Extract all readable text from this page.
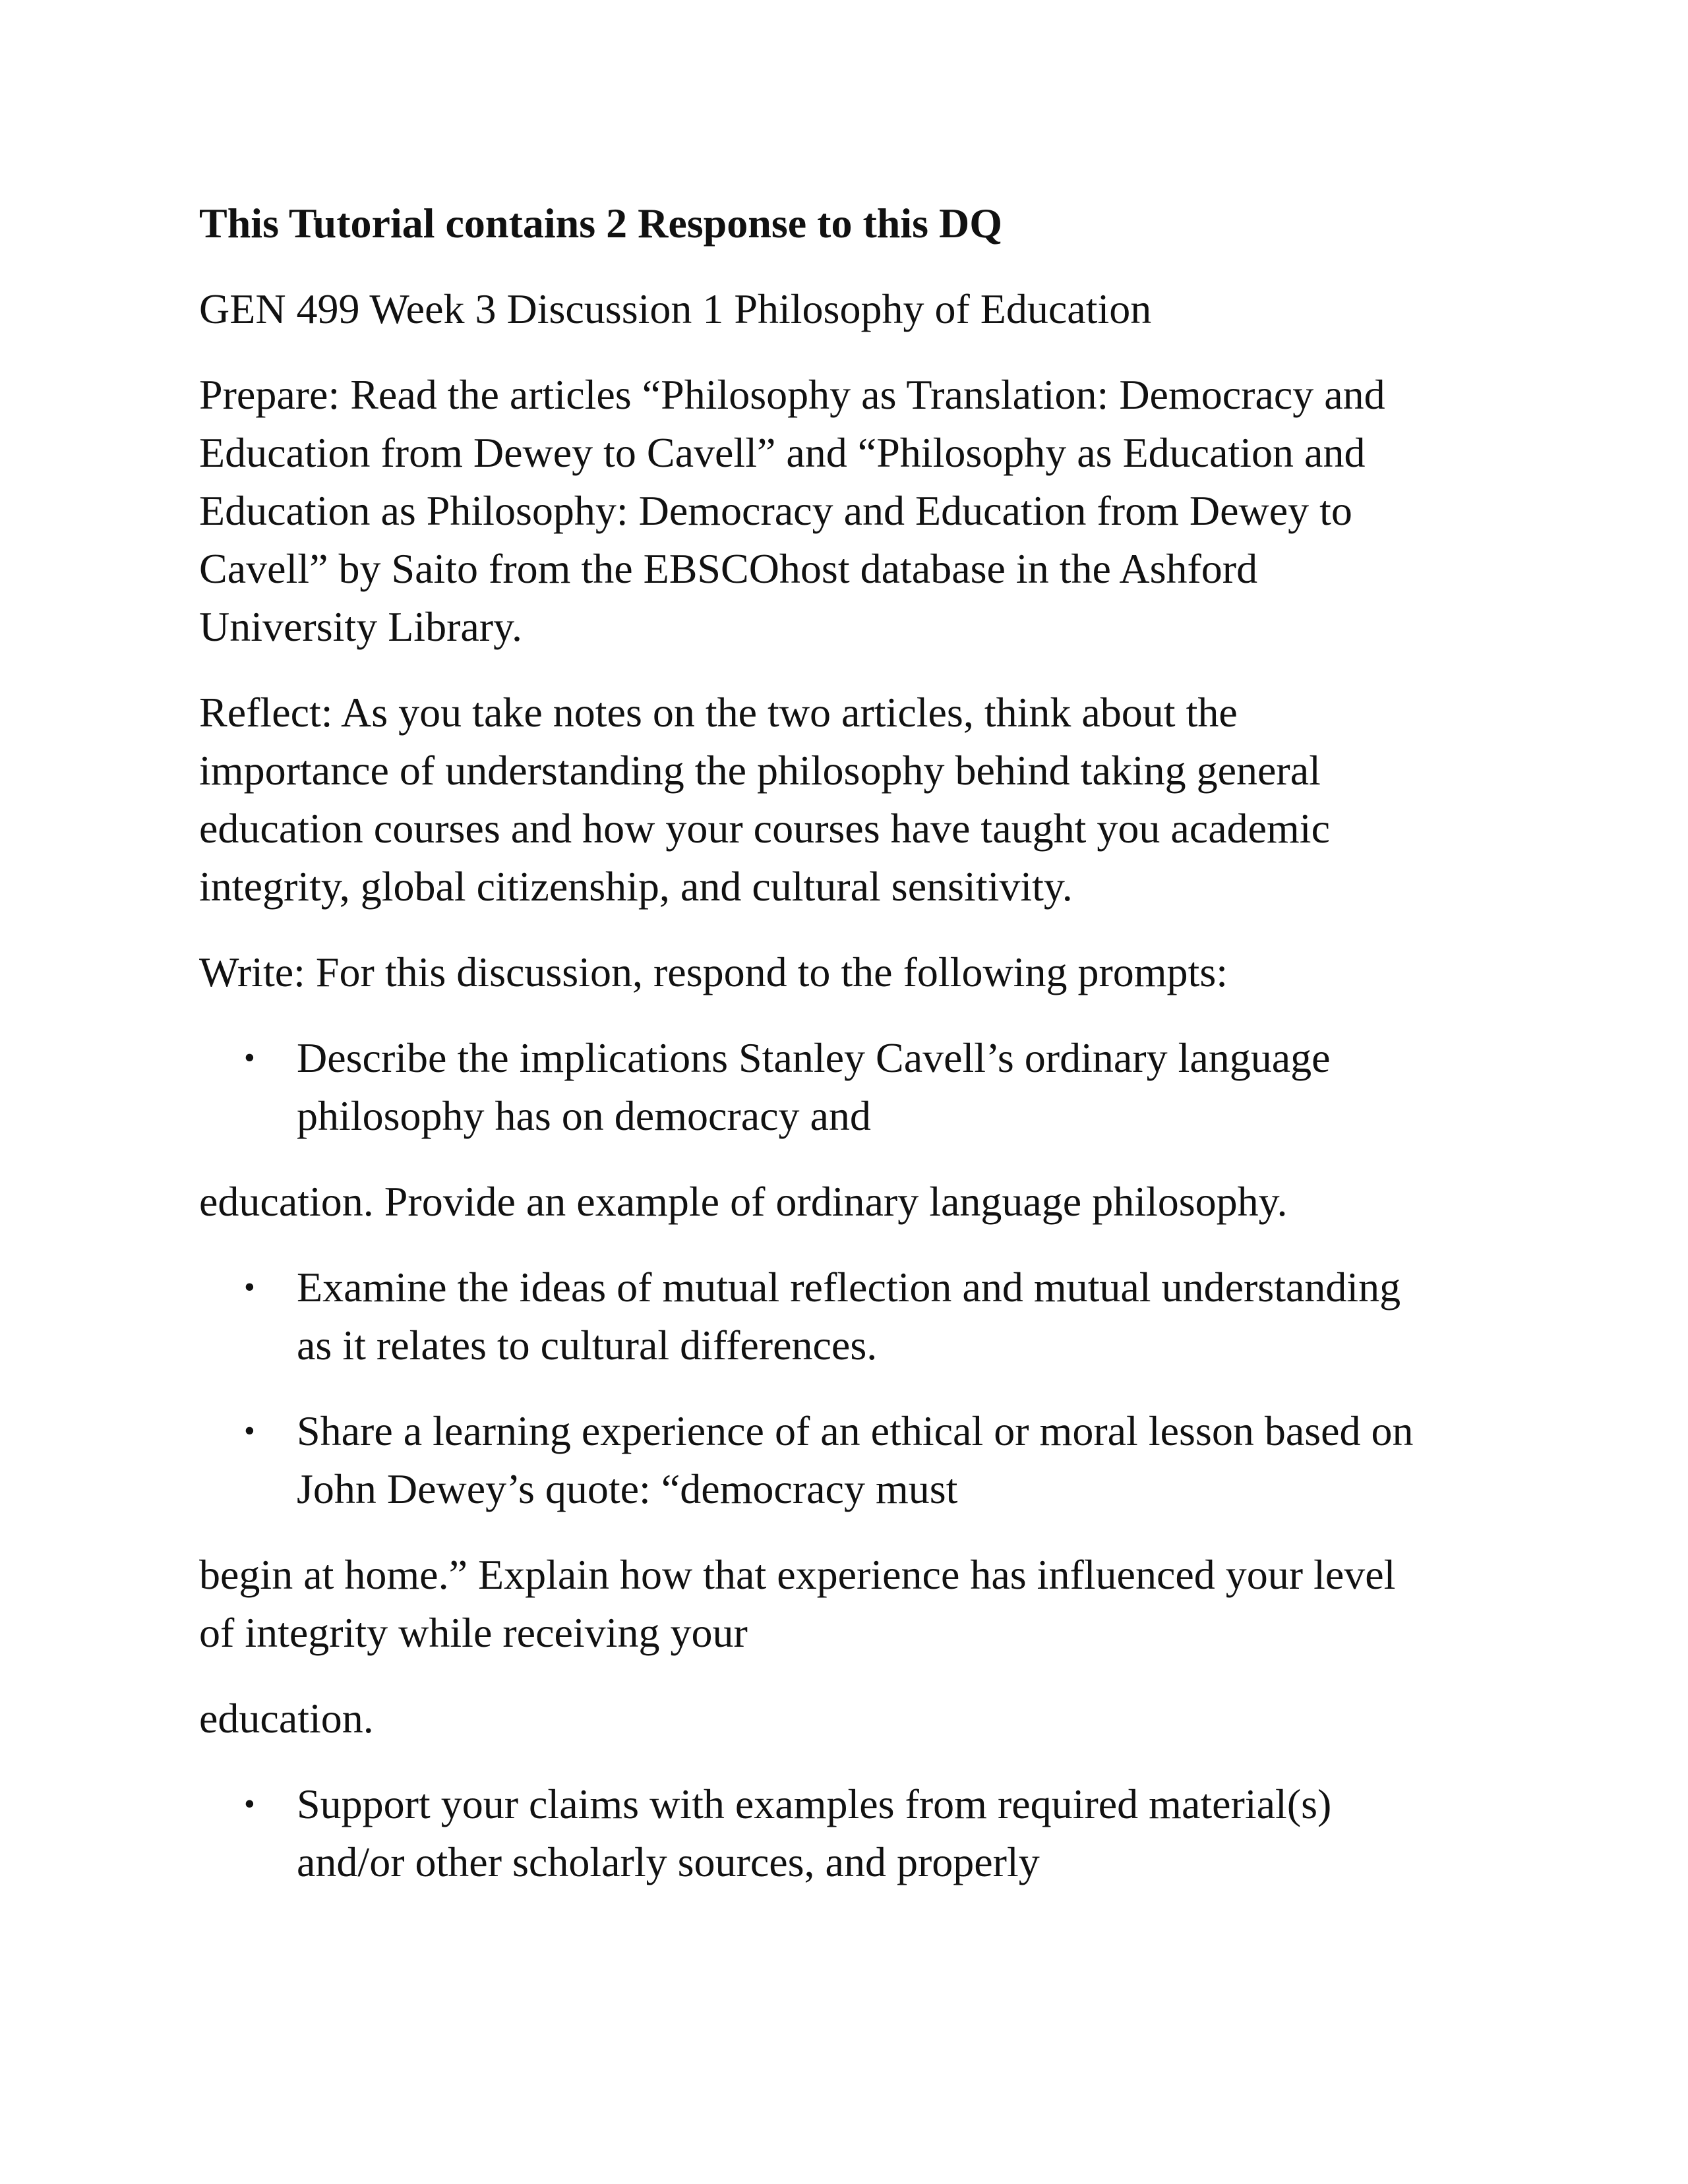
This Tutorial contains 2 Response to this DQ

GEN 499 Week 3 Discussion 1 Philosophy of Education

Prepare: Read the articles “Philosophy as Translation: Democracy and

Education from Dewey to Cavell” and “Philosophy as Education and

Education as Philosophy: Democracy and Education from Dewey to

Cavell” by Saito from the EBSCOhost database in the Ashford

University Library.

Reflect: As you take notes on the two articles, think about the

importance of understanding the philosophy behind taking general

education courses and how your courses have taught you academic

integrity, global citizenship, and cultural sensitivity.

Write: For this discussion, respond to the following prompts:

• Describe the implications Stanley Cavell’s ordinary language

philosophy has on democracy and

education. Provide an example of ordinary language philosophy.

• Examine the ideas of mutual reflection and mutual understanding

as it relates to cultural differences.

• Share a learning experience of an ethical or moral lesson based on

John Dewey’s quote: “democracy must

begin at home.” Explain how that experience has influenced your level

of integrity while receiving your

education.

• Support your claims with examples from required material(s)

and/or other scholarly sources, and properly
